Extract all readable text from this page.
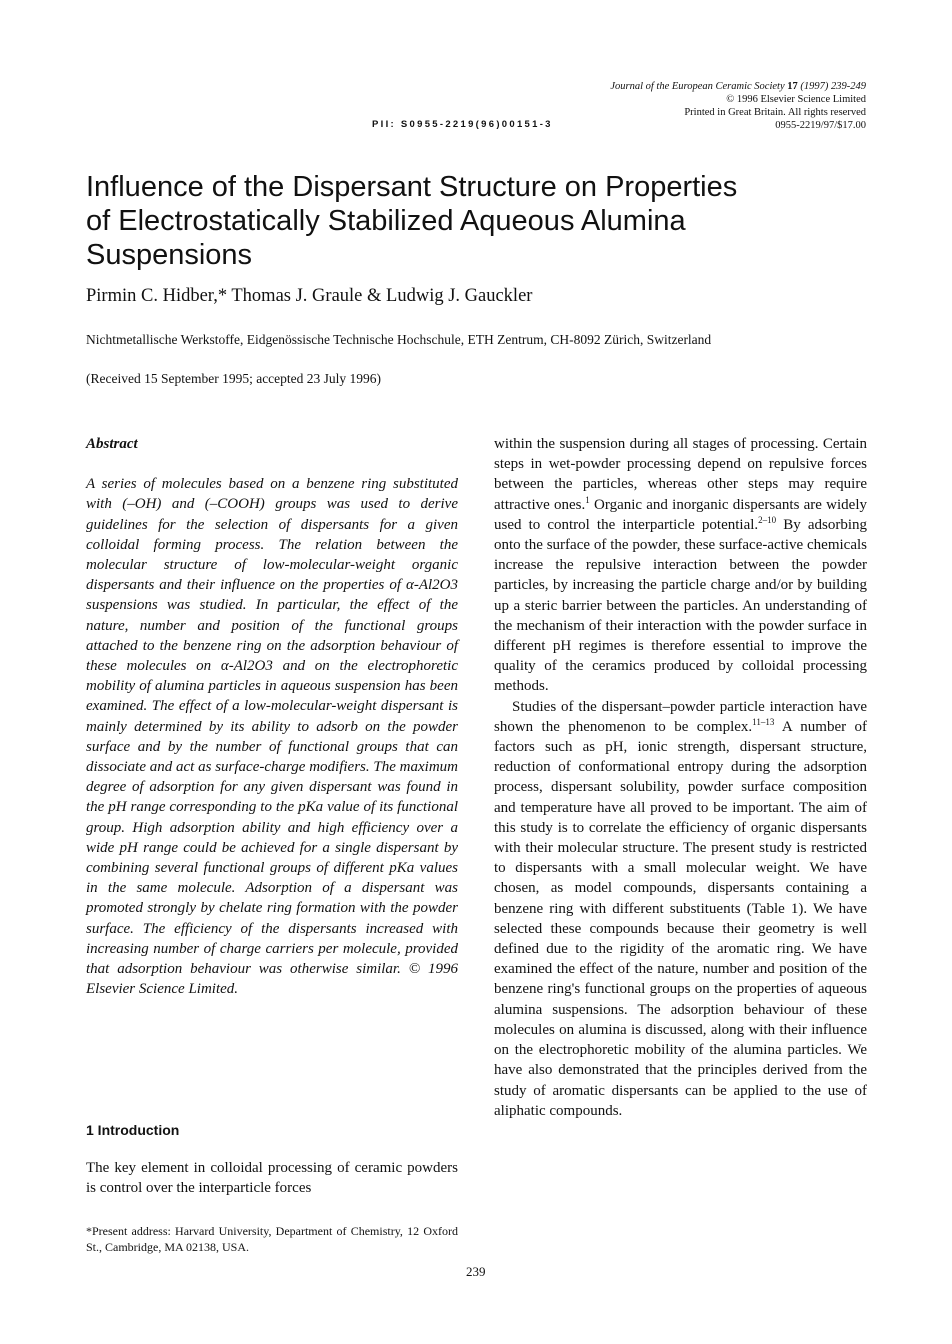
Journal of the European Ceramic Society 17 (1997) 239-249
© 1996 Elsevier Science Limited
Printed in Great Britain. All rights reserved
0955-2219/97/$17.00
PII: S0955-2219(96)00151-3
Influence of the Dispersant Structure on Properties
of Electrostatically Stabilized Aqueous Alumina
Suspensions
Pirmin C. Hidber,* Thomas J. Graule & Ludwig J. Gauckler
Nichtmetallische Werkstoffe, Eidgenössische Technische Hochschule, ETH Zentrum, CH-8092 Zürich, Switzerland
(Received 15 September 1995; accepted 23 July 1996)

Abstract

A series of molecules based on a benzene ring substituted with (–OH) and (–COOH) groups was used to derive guidelines for the selection of dispersants for a given colloidal forming process. The relation between the molecular structure of low-molecular-weight organic dispersants and their influence on the properties of α-Al2O3 suspensions was studied. In particular, the effect of the nature, number and position of the functional groups attached to the benzene ring on the adsorption behaviour of these molecules on α-Al2O3 and on the electrophoretic mobility of alumina particles in aqueous suspension has been examined. The effect of a low-molecular-weight dispersant is mainly determined by its ability to adsorb on the powder surface and by the number of functional groups that can dissociate and act as surface-charge modifiers. The maximum degree of adsorption for any given dispersant was found in the pH range corresponding to the pKa value of its functional group. High adsorption ability and high efficiency over a wide pH range could be achieved for a single dispersant by combining several functional groups of different pKa values in the same molecule. Adsorption of a dispersant was promoted strongly by chelate ring formation with the powder surface. The efficiency of the dispersants increased with increasing number of charge carriers per molecule, provided that adsorption behaviour was otherwise similar. © 1996 Elsevier Science Limited.

1 Introduction

The key element in colloidal processing of ceramic powders is control over the interparticle forces

within the suspension during all stages of processing. Certain steps in wet-powder processing depend on repulsive forces between the particles, whereas other steps may require attractive ones.$^1$ Organic and inorganic dispersants are widely used to control the interparticle potential.$^{2-10}$ By adsorbing onto the surface of the powder, these surface-active chemicals increase the repulsive interaction between the powder particles, by increasing the particle charge and/or by building up a steric barrier between the particles. An understanding of the mechanism of their interaction with the powder surface in different pH regimes is therefore essential to improve the quality of the ceramics produced by colloidal processing methods.

Studies of the dispersant–powder particle interaction have shown the phenomenon to be complex.$^{11-13}$ A number of factors such as pH, ionic strength, dispersant structure, reduction of conformational entropy during the adsorption process, dispersant solubility, powder surface composition and temperature have all proved to be important. The aim of this study is to correlate the efficiency of organic dispersants with their molecular structure. The present study is restricted to dispersants with a small molecular weight. We have chosen, as model compounds, dispersants containing a benzene ring with different substituents (Table 1). We have selected these compounds because their geometry is well defined due to the rigidity of the aromatic ring. We have examined the effect of the nature, number and position of the benzene ring's functional groups on the properties of aqueous alumina suspensions. The adsorption behaviour of these molecules on alumina is discussed, along with their influence on the electrophoretic mobility of the alumina particles. We have also demonstrated that the principles derived from the study of aromatic dispersants can be applied to the use of aliphatic compounds.

*Present address: Harvard University, Department of Chemistry, 12 Oxford St., Cambridge, MA 02138, USA.
239
